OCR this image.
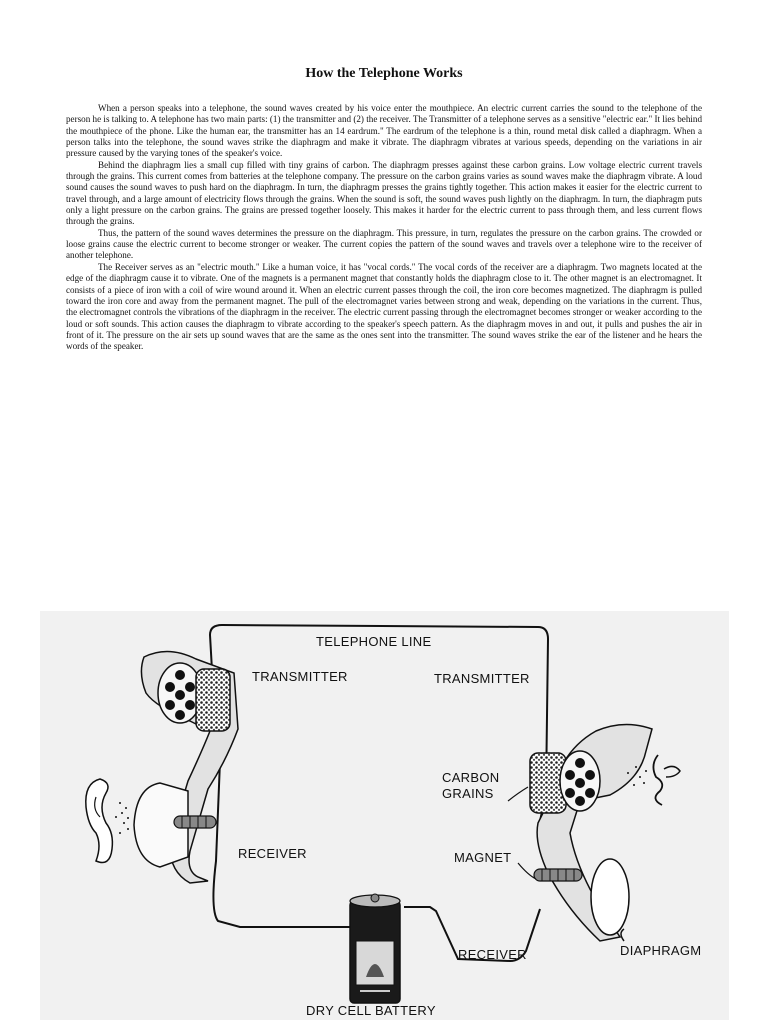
How the Telephone Works

When a person speaks into a telephone, the sound waves created by his voice enter the mouthpiece. An electric current carries the sound to the telephone of the person he is talking to. A telephone has two main parts: (1) the transmitter and (2) the receiver. The Transmitter of a telephone serves as a sensitive "electric ear." It lies behind the mouthpiece of the phone. Like the human ear, the transmitter has an 14 eardrum." The eardrum of the telephone is a thin, round metal disk called a diaphragm. When a person talks into the telephone, the sound waves strike the diaphragm and make it vibrate. The diaphragm vibrates at various speeds, depending on the variations in air pressure caused by the varying tones of the speaker's voice.

Behind the diaphragm lies a small cup filled with tiny grains of carbon. The diaphragm presses against these carbon grains. Low voltage electric current travels through the grains. This current comes from batteries at the telephone company. The pressure on the carbon grains varies as sound waves make the diaphragm vibrate. A loud sound causes the sound waves to push hard on the diaphragm. In turn, the diaphragm presses the grains tightly together. This action makes it easier for the electric current to travel through, and a large amount of electricity flows through the grains. When the sound is soft, the sound waves push lightly on the diaphragm. In turn, the diaphragm puts only a light pressure on the carbon grains. The grains are pressed together loosely. This makes it harder for the electric current to pass through them, and less current flows through the grains.

Thus, the pattern of the sound waves determines the pressure on the diaphragm. This pressure, in turn, regulates the pressure on the carbon grains. The crowded or loose grains cause the electric current to become stronger or weaker. The current copies the pattern of the sound waves and travels over a telephone wire to the receiver of another telephone.

The Receiver serves as an "electric mouth." Like a human voice, it has "vocal cords." The vocal cords of the receiver are a diaphragm. Two magnets located at the edge of the diaphragm cause it to vibrate. One of the magnets is a permanent magnet that constantly holds the diaphragm close to it. The other magnet is an electromagnet. It consists of a piece of iron with a coil of wire wound around it. When an electric current passes through the coil, the iron core becomes magnetized. The diaphragm is pulled toward the iron core and away from the permanent magnet. The pull of the electromagnet varies between strong and weak, depending on the variations in the current. Thus, the electromagnet controls the vibrations of the diaphragm in the receiver. The electric current passing through the electromagnet becomes stronger or weaker according to the loud or soft sounds. This action causes the diaphragm to vibrate according to the speaker's speech pattern. As the diaphragm moves in and out, it pulls and pushes the air in front of it. The pressure on the air sets up sound waves that are the same as the ones sent into the transmitter. The sound waves strike the ear of the listener and he hears the words of the speaker.

TELEPHONE LINE
TRANSMITTER	TRANSMITTER
CARBON
GRAINS
RECEIVER	MAGNET
RECEIVER	DIAPHRAGM
DRY CELL BATTERY
